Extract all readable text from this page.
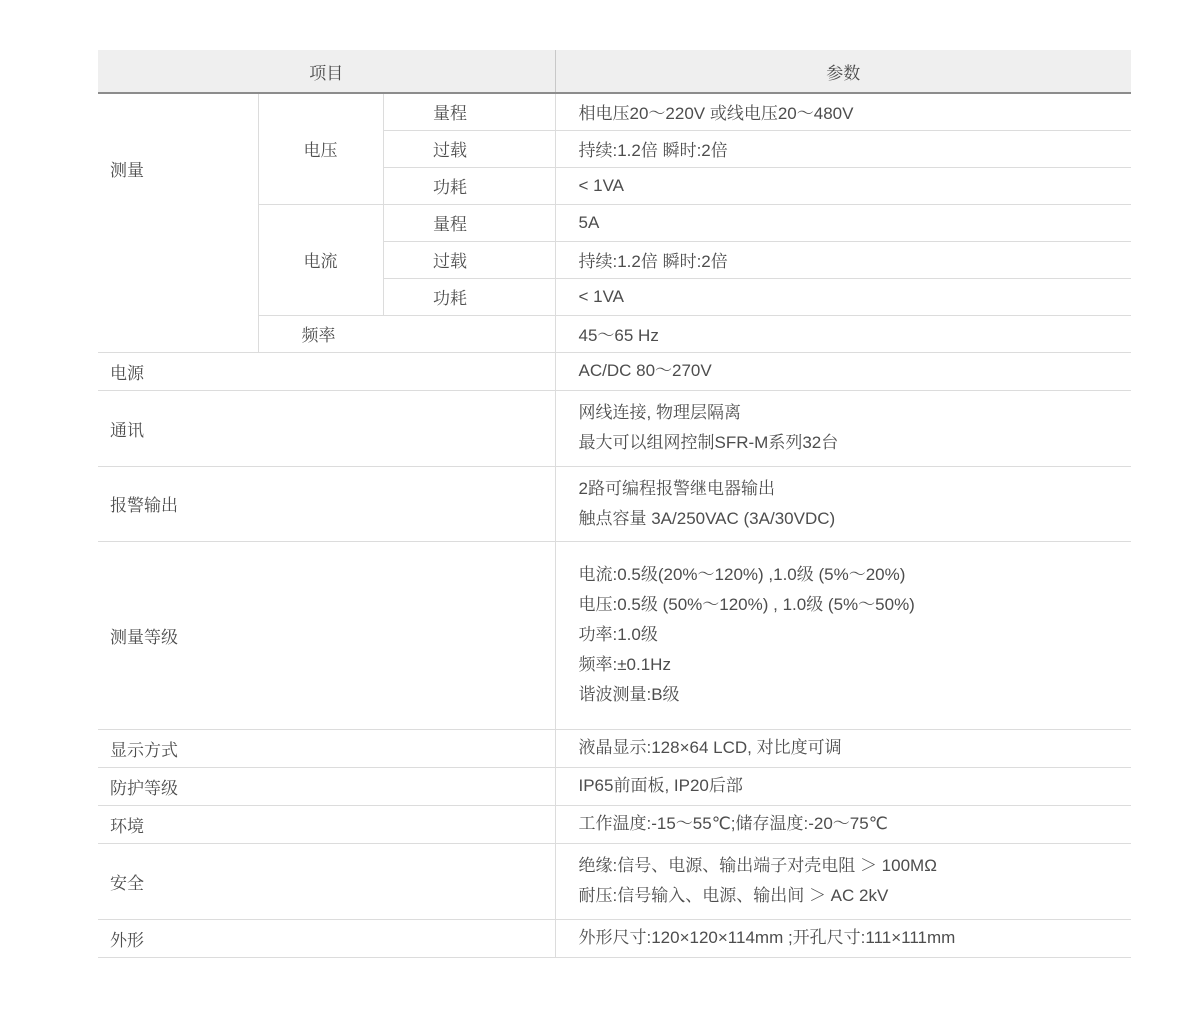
项目			参数
测量	电压	量程	相电压20～220V 或线电压20～480V
		过载	持续:1.2倍 瞬时:2倍
		功耗	< 1VA
	电流	量程	5A
		过载	持续:1.2倍 瞬时:2倍
		功耗	< 1VA
	频率		45～65 Hz
电源			AC/DC 80～270V

通讯			网线连接, 物理层隔离
最大可以组网控制SFR-M系列32台

报警输出			2路可编程报警继电器输出
触点容量 3A/250VAC (3A/30VDC)

测量等级			电流:0.5级(20%～120%) ,1.0级 (5%～20%)
电压:0.5级 (50%～120%) , 1.0级 (5%～50%)
功率:1.0级
频率:±0.1Hz
谐波测量:B级

显示方式			液晶显示:128×64 LCD, 对比度可调

防护等级			IP65前面板, IP20后部

环境			工作温度:-15～55℃;储存温度:-20～75℃

安全			绝缘:信号、电源、输出端子对壳电阻 ＞ 100MΩ
耐压:信号输入、电源、输出间 ＞ AC 2kV

外形			外形尺寸:120×120×114mm ;开孔尺寸:111×111mm
